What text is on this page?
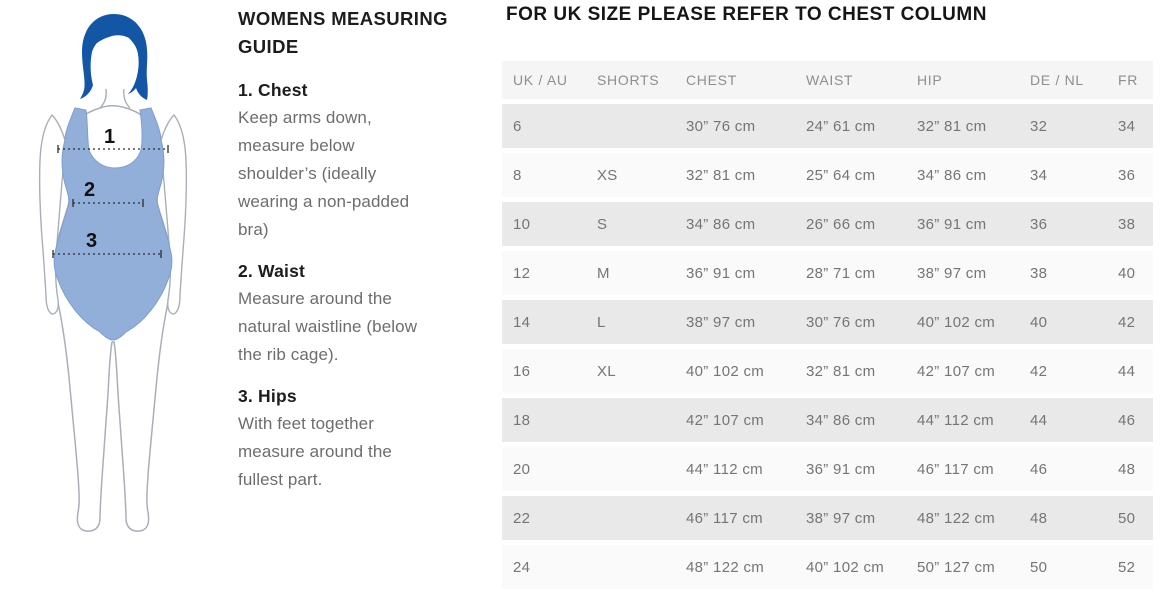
1
2
3
WOMENS MEASURING GUIDE
1. Chest

Keep arms down, measure below shoulder’s (ideally wearing a non-padded bra)

2. Waist

Measure around the natural waistline (below the rib cage).

3. Hips

With feet together measure around the fullest part.

FOR UK SIZE PLEASE REFER TO CHEST COLUMN
UK / AU	SHORTS	CHEST	WAIST	HIP	DE / NL	FR
6		30” 76 cm	24” 61 cm	32” 81 cm	32	34
8	XS	32” 81 cm	25” 64 cm	34” 86 cm	34	36
10	S	34” 86 cm	26” 66 cm	36” 91 cm	36	38
12	M	36” 91 cm	28” 71 cm	38” 97 cm	38	40
14	L	38” 97 cm	30” 76 cm	40” 102 cm	40	42
16	XL	40” 102 cm	32” 81 cm	42” 107 cm	42	44
18		42” 107 cm	34” 86 cm	44” 112 cm	44	46
20		44” 112 cm	36” 91 cm	46” 117 cm	46	48
22		46” 117 cm	38” 97 cm	48” 122 cm	48	50
24		48” 122 cm	40” 102 cm	50” 127 cm	50	52
